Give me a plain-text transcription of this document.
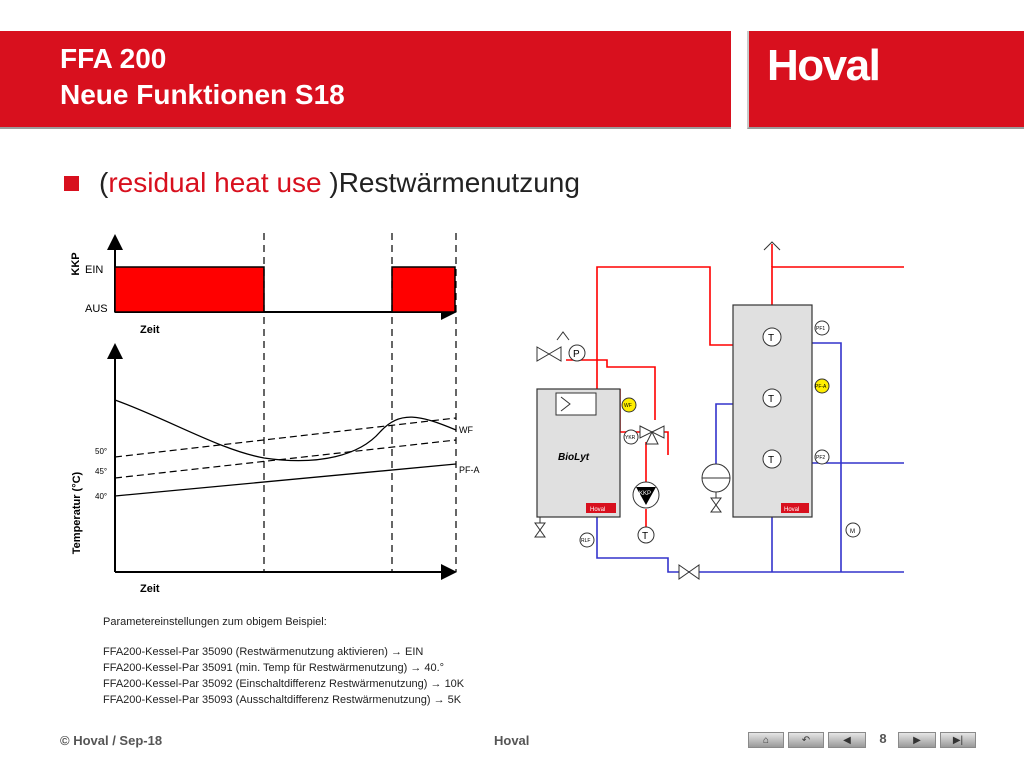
FFA 200
Neue Funktionen S18
Hoval
(residual heat use )Restwärmenutzung
KKP EIN
AUS
Zeit
Temperatur (°C)
50°
45°
40°
WF
PF-A
Zeit
BioLyt
Hoval
P
WF
YKR
KKP
T
RLF
T
T
T
Hoval
PF1
PF-A
PF2
M
Parametereinstellungen zum obigem Beispiel:
FFA200-Kessel-Par 35090 (Restwärmenutzung aktivieren) → EIN
FFA200-Kessel-Par 35091 (min. Temp für Restwärmenutzung) → 40.°
FFA200-Kessel-Par 35092 (Einschaltdifferenz Restwärmenutzung) → 10K
FFA200-Kessel-Par 35093 (Ausschaltdifferenz Restwärmenutzung) → 5K
© Hoval / Sep-18	Hoval	⌂	↶	◀	8	▶	▶|
